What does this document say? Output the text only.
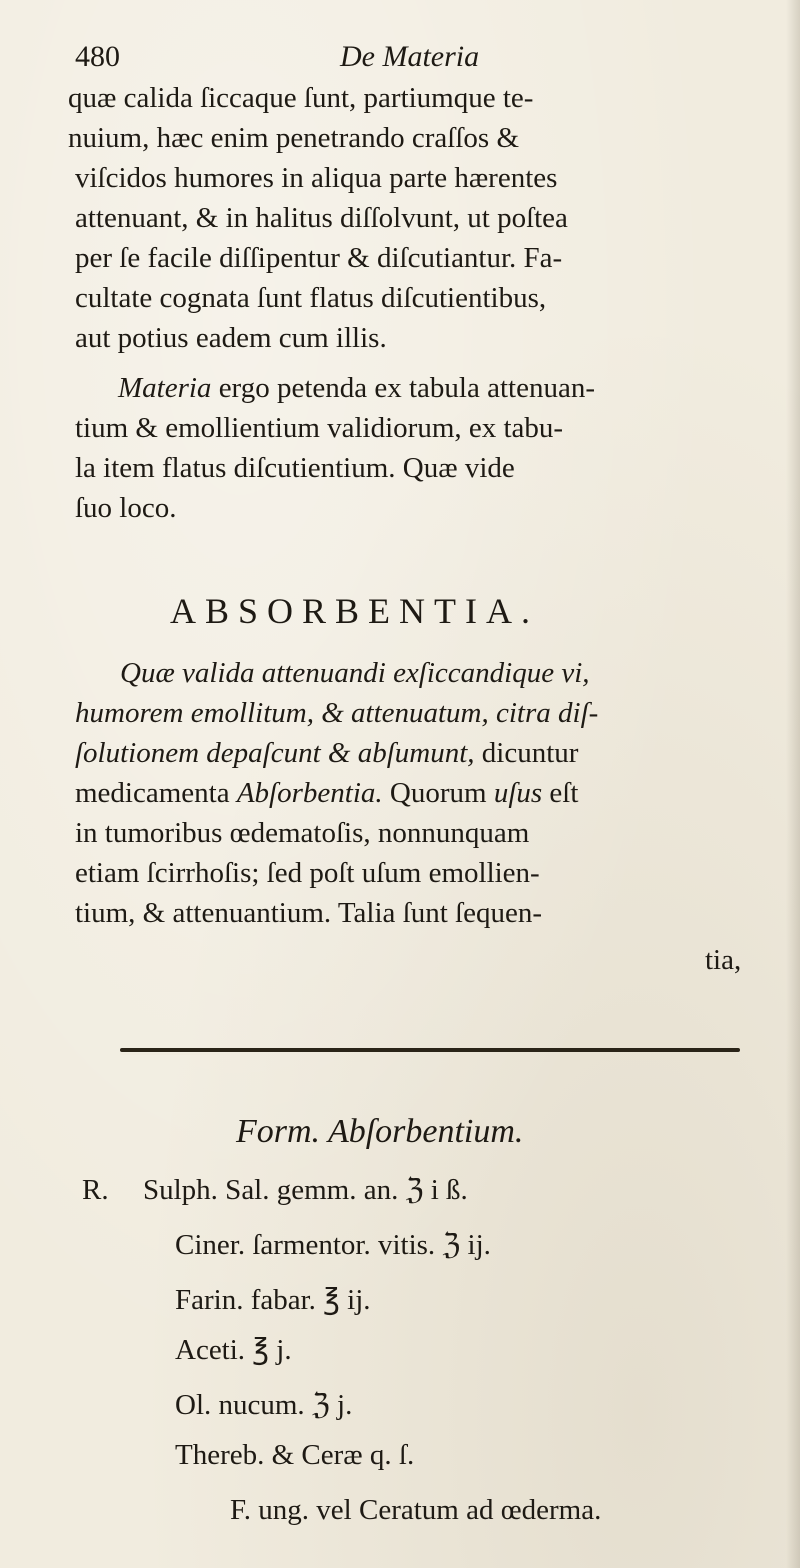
480	De Materia
quæ calida ſiccaque ſunt, partiumque te-
nuium, hæc enim penetrando craſſos &
viſcidos humores in aliqua parte hærentes
attenuant, & in halitus diſſolvunt, ut poſtea
per ſe facile diſſipentur & diſcutiantur. Fa-
cultate cognata ſunt flatus diſcutientibus,
aut potius eadem cum illis.
Materia ergo petenda ex tabula attenuan-
tium & emollientium validiorum, ex tabu-
la item flatus diſcutientium. Quæ vide
ſuo loco.
ABSORBENTIA.
Quæ valida attenuandi exſiccandique vi,
humorem emollitum, & attenuatum, citra diſ-
ſolutionem depaſcunt & abſumunt, dicuntur
medicamenta Abſorbentia. Quorum uſus eſt
in tumoribus œdematoſis, nonnunquam
etiam ſcirrhoſis; ſed poſt uſum emollien-
tium, & attenuantium. Talia ſunt ſequen-
tia,
Form. Abſorbentium.
R. Sulph. Sal. gemm. an. ℨ i ß.
Ciner. ſarmentor. vitis. ℨ ij.
Farin. fabar. ℥ ij.
Aceti. ℥ j.
Ol. nucum. ℨ j.
Thereb. & Ceræ q. ſ.
F. ung. vel Ceratum ad œderma.
